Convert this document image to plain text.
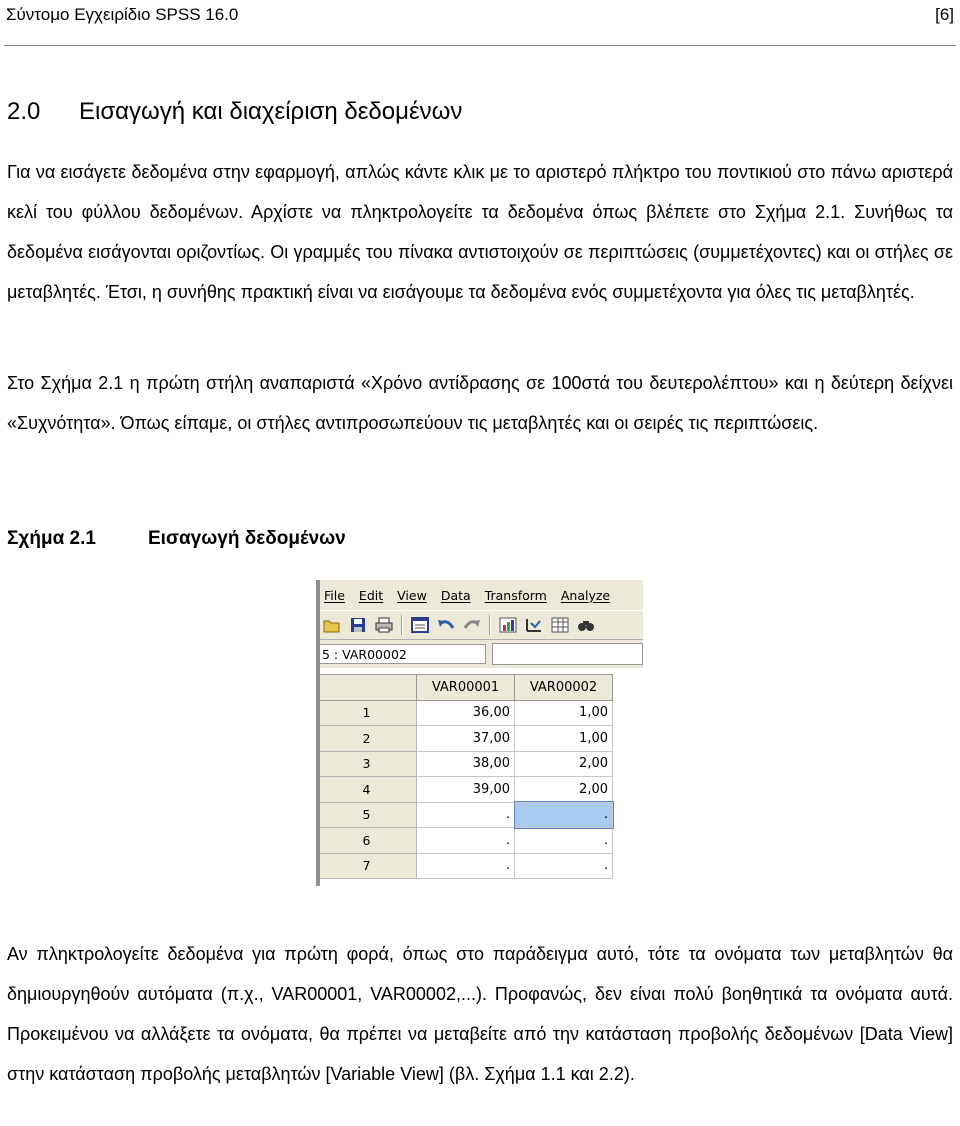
Σύντομο Εγχειρίδιο SPSS 16.0	[6]
2.0	Εισαγωγή και διαχείριση δεδομένων

Για να εισάγετε δεδομένα στην εφαρμογή, απλώς κάντε κλικ με το αριστερό πλήκτρο του ποντικιού στο πάνω αριστερά κελί του φύλλου δεδομένων. Αρχίστε να πληκτρολογείτε τα δεδομένα όπως βλέπετε στο Σχήμα 2.1. Συνήθως τα δεδομένα εισάγονται οριζοντίως. Οι γραμμές του πίνακα αντιστοιχούν σε περιπτώσεις (συμμετέχοντες) και οι στήλες σε μεταβλητές. Έτσι, η συνήθης πρακτική είναι να εισάγουμε τα δεδομένα ενός συμμετέχοντα για όλες τις μεταβλητές.

Στο Σχήμα 2.1 η πρώτη στήλη αναπαριστά «Χρόνο αντίδρασης σε 100στά του δευτερολέπτου» και η δεύτερη δείχνει «Συχνότητα». Όπως είπαμε, οι στήλες αντιπροσωπεύουν τις μεταβλητές και οι σειρές τις περιπτώσεις.

Σχήμα 2.1	Εισαγωγή δεδομένων
File Edit View Data Transform Analyze
5 : VAR00002
	VAR00001	VAR00002
1	36,00	1,00
2	37,00	1,00
3	38,00	2,00
4	39,00	2,00
5	.	.
6	.	.
7	.	.

Αν πληκτρολογείτε δεδομένα για πρώτη φορά, όπως στο παράδειγμα αυτό, τότε τα ονόματα των μεταβλητών θα δημιουργηθούν αυτόματα (π.χ., VAR00001, VAR00002,...). Προφανώς, δεν είναι πολύ βοηθητικά τα ονόματα αυτά. Προκειμένου να αλλάξετε τα ονόματα, θα πρέπει να μεταβείτε από την κατάσταση προβολής δεδομένων [Data View] στην κατάσταση προβολής μεταβλητών [Variable View] (βλ. Σχήμα 1.1 και 2.2).
